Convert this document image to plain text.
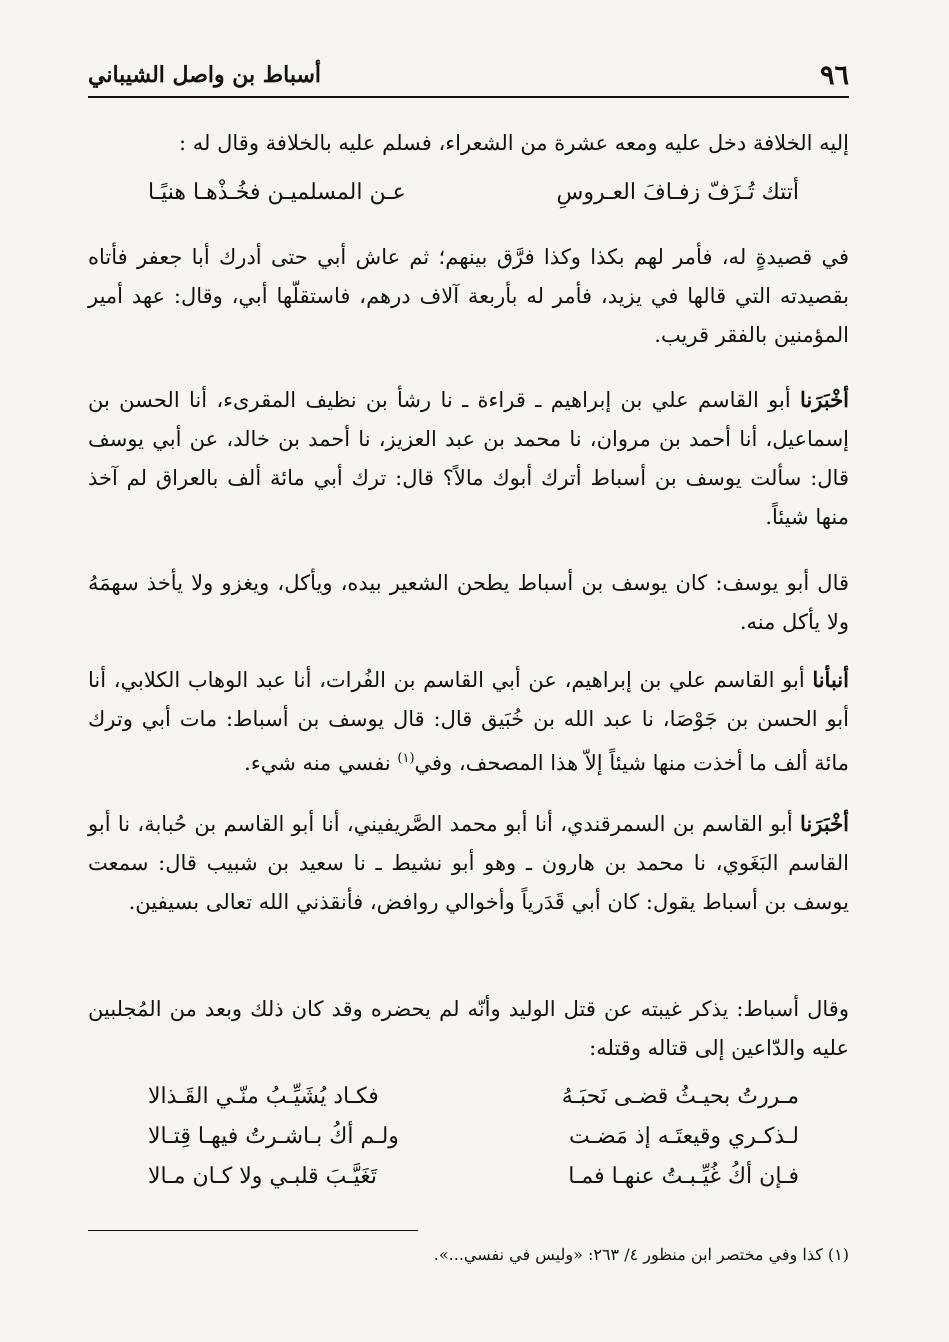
٩٦
أسباط بن واصل الشيباني
إليه الخلافة دخل عليه ومعه عشرة من الشعراء، فسلم عليه بالخلافة وقال له :
أتتك تُـزَفّ زفـافَ العـروسِ
عـن المسلميـن فخُـذْهـا هنيًـا
في قصيدةٍ له، فأمر لهم بكذا وكذا فرَّق بينهم؛ ثم عاش أبي حتى أدرك أبا جعفر فأتاه بقصيدته التي قالها في يزيد، فأمر له بأربعة آلاف درهم، فاستقلّها أبي، وقال: عهد أمير المؤمنين بالفقر قريب.
أخْبَرَنا أبو القاسم علي بن إبراهيم ـ قراءة ـ نا رشأ بن نظيف المقرىء، أنا الحسن بن إسماعيل، أنا أحمد بن مروان، نا محمد بن عبد العزيز، نا أحمد بن خالد، عن أبي يوسف قال: سألت يوسف بن أسباط أترك أبوك مالاً؟ قال: ترك أبي مائة ألف بالعراق لم آخذ منها شيئاً.
قال أبو يوسف: كان يوسف بن أسباط يطحن الشعير بيده، ويأكل، ويغزو ولا يأخذ سهمَهُ ولا يأكل منه.
أنبأنا أبو القاسم علي بن إبراهيم، عن أبي القاسم بن الفُرات، أنا عبد الوهاب الكلابي، أنا أبو الحسن بن جَوْصَا، نا عبد الله بن خُبَيق قال: قال يوسف بن أسباط: مات أبي وترك مائة ألف ما أخذت منها شيئاً إلاّ هذا المصحف، وفي$^{(١)}$ نفسي منه شيء.
أخْبَرَنا أبو القاسم بن السمرقندي، أنا أبو محمد الصَّريفيني، أنا أبو القاسم بن حُبابة، نا أبو القاسم البَغَوي، نا محمد بن هارون ـ وهو أبو نشيط ـ نا سعيد بن شبيب قال: سمعت يوسف بن أسباط يقول: كان أبي قَدَرياً وأخوالي روافض، فأنقذني الله تعالى بسيفين.
وقال أسباط: يذكر غيبته عن قتل الوليد وأنّه لم يحضره وقد كان ذلك وبعد من المُجلبين عليه والدّاعين إلى قتاله وقتله:
مـررتُ بحيـثُ قضـى نَحبَـهُ
فكـاد يُشَيِّـبُ منّـي القَـذالا
لـذكـري وقيعتَـه إذ مَضـت
ولـم أكُ بـاشـرتُ فيهـا قِتـالا
فـإن أكُ غُيِّـبـتُ عنهـا فمـا
تَغَيَّـبَ قلبـي ولا كـان مـالا
(١) كذا وفي مختصر ابن منظور ٤/ ٢٦٣: «وليس في نفسي...».
